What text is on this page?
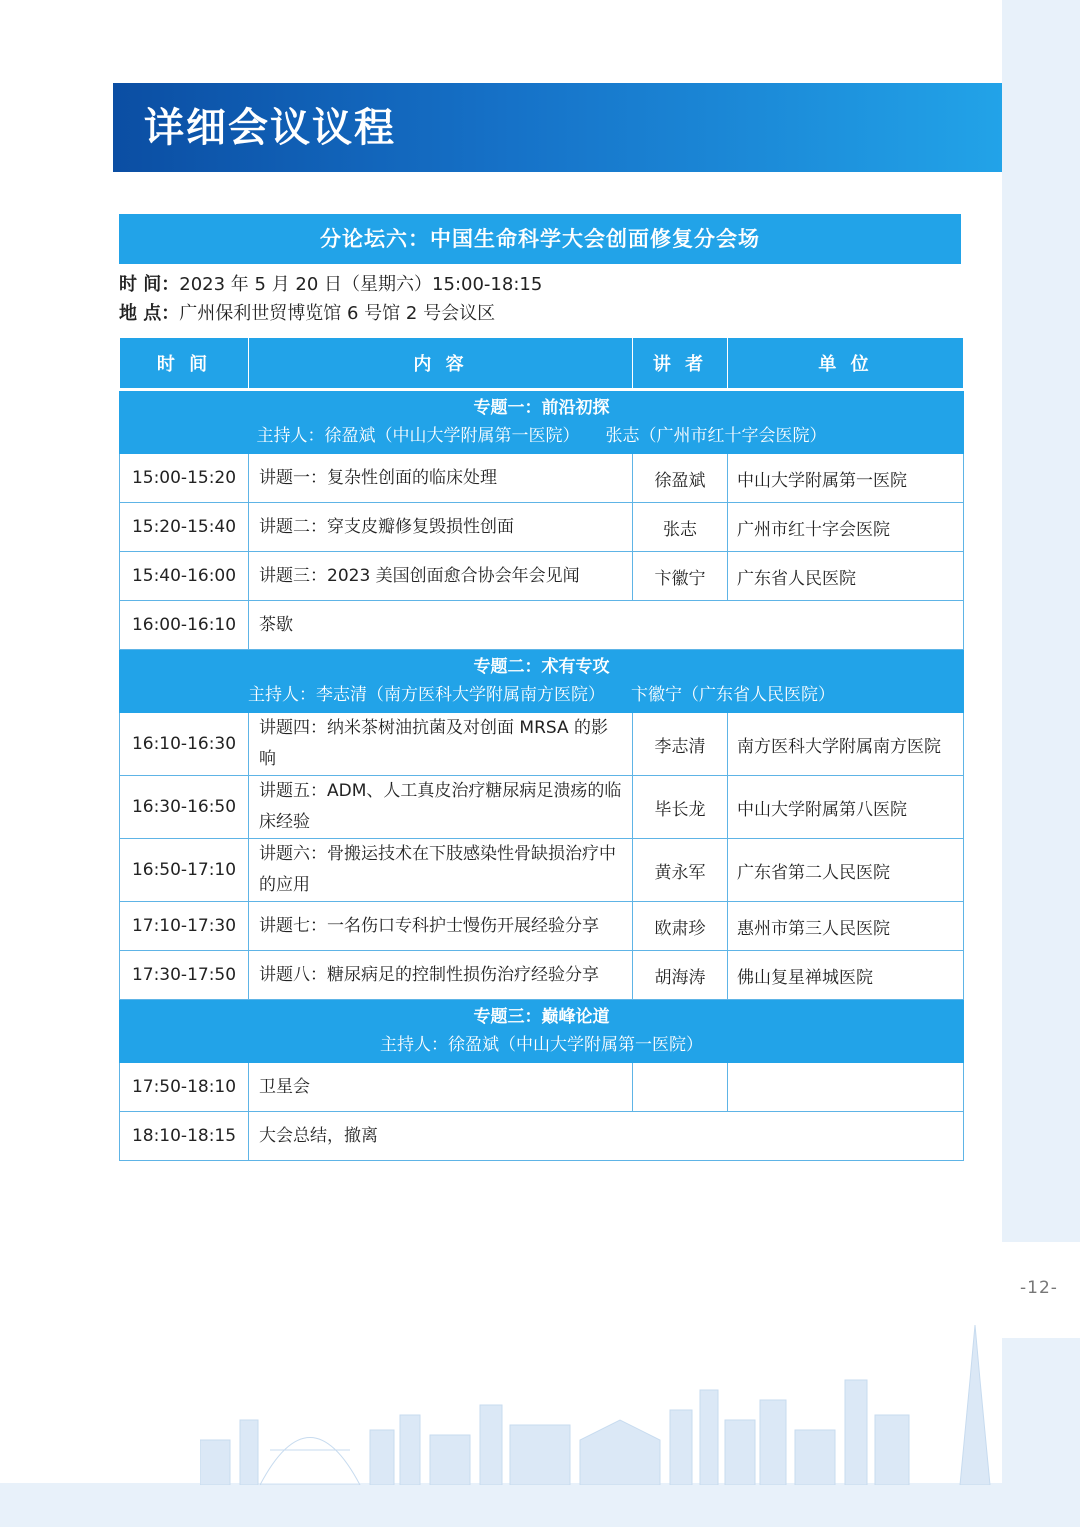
详细会议议程
分论坛六：中国生命科学大会创面修复分会场
时 间：2023 年 5 月 20 日（星期六）15:00-18:15
地 点：广州保利世贸博览馆 6 号馆 2 号会议区
时 间	内 容	讲 者	单 位

专题一：前沿初探
主持人：徐盈斌（中山大学附属第一医院） 张志（广州市红十字会医院）			

15:00-15:20	讲题一：复杂性创面的临床处理	徐盈斌	中山大学附属第一医院
15:20-15:40	讲题二：穿支皮瓣修复毁损性创面	张志	广州市红十字会医院
15:40-16:00	讲题三：2023 美国创面愈合协会年会见闻	卞徽宁	广东省人民医院
16:00-16:10	茶歇		

专题二：术有专攻
主持人：李志清（南方医科大学附属南方医院） 卞徽宁（广东省人民医院）			

16:10-16:30	讲题四：纳米茶树油抗菌及对创面 MRSA 的影响	李志清	南方医科大学附属南方医院
16:30-16:50	讲题五：ADM、人工真皮治疗糖尿病足溃疡的临床经验	毕长龙	中山大学附属第八医院
16:50-17:10	讲题六：骨搬运技术在下肢感染性骨缺损治疗中的应用	黄永军	广东省第二人民医院
17:10-17:30	讲题七：一名伤口专科护士慢伤开展经验分享	欧肃珍	惠州市第三人民医院
17:30-17:50	讲题八：糖尿病足的控制性损伤治疗经验分享	胡海涛	佛山复星禅城医院

专题三：巅峰论道
主持人：徐盈斌（中山大学附属第一医院）			

17:50-18:10	卫星会		
18:10-18:15	大会总结，撤离		
-12-
